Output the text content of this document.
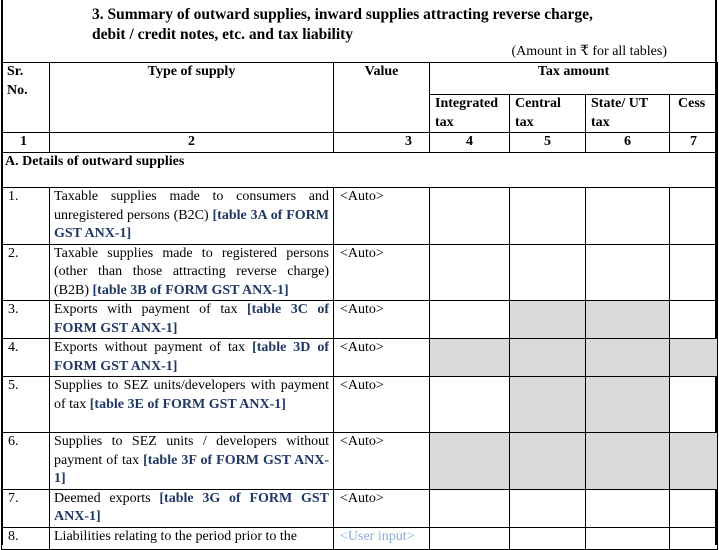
3. Summary of outward supplies, inward supplies attracting reverse charge,
debit / credit notes, etc. and tax liability
(Amount in ₹ for all tables)
Sr. No.	Type of supply	Value	Tax amount			

			Integrated tax	Central tax	State/ UT tax	Cess
1	2	3	4	5	6	7
A. Details of outward supplies						
1.	Taxable supplies made to consumers and unregistered persons (B2C) [table 3A of FORM GST ANX-1]	<Auto>				
2.	Taxable supplies made to registered persons (other than those attracting reverse charge) (B2B) [table 3B of FORM GST ANX-1]	<Auto>				
3.	Exports with payment of tax [table 3C of FORM GST ANX-1]	<Auto>				
4.	Exports without payment of tax [table 3D of FORM GST ANX-1]	<Auto>				
5.	Supplies to SEZ units/developers with payment of tax [table 3E of FORM GST ANX-1]	<Auto>				
6.	Supplies to SEZ units / developers without payment of tax [table 3F of FORM GST ANX-1]	<Auto>				
7.	Deemed exports [table 3G of FORM GST ANX-1]	<Auto>				
8.	Liabilities relating to the period prior to the	<User input>				
